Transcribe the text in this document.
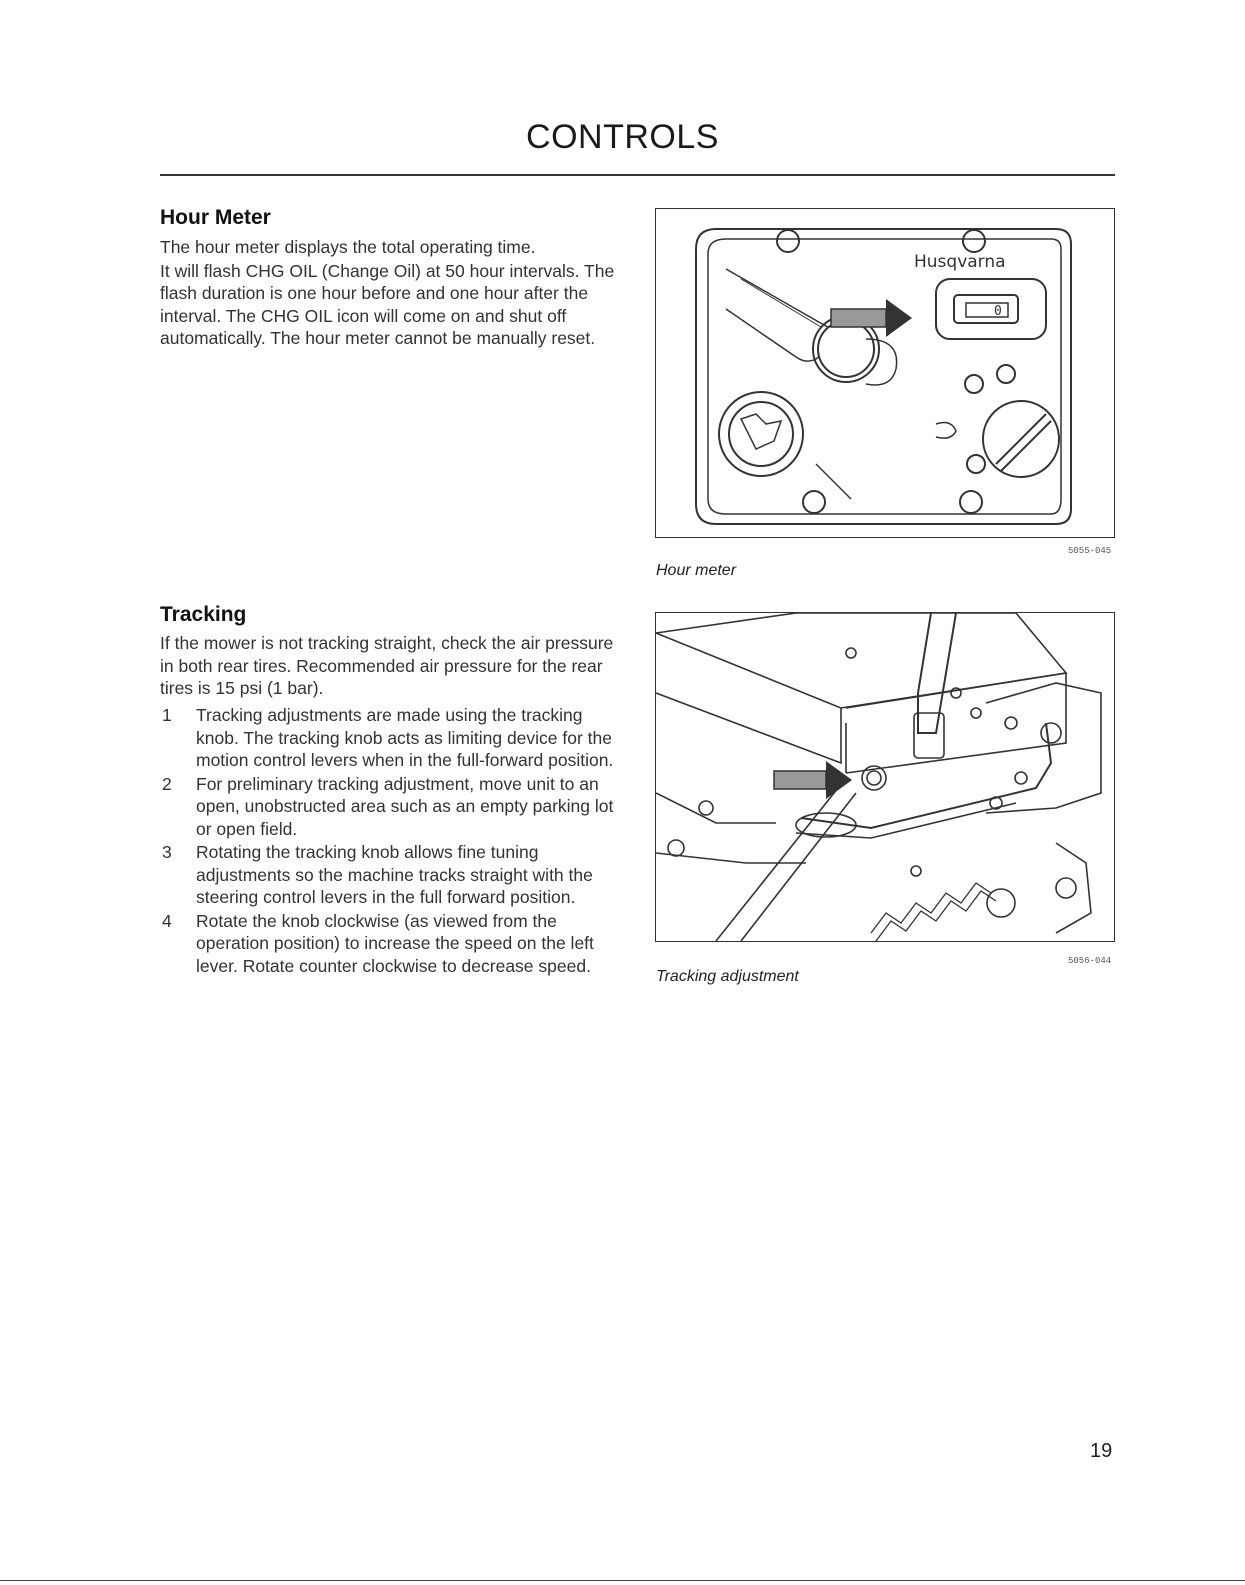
CONTROLS
Hour Meter

The hour meter displays the total operating time.

It will flash CHG OIL (Change Oil) at 50 hour intervals. The flash duration is one hour before and one hour after the interval. The CHG OIL icon will come on and shut off automatically. The hour meter cannot be manually reset.

Husqvarna
0
5055-045
Hour meter
Tracking
If the mower is not tracking straight, check the air pressure in both rear tires. Recommended air pressure for the rear tires is 15 psi (1 bar).
1 Tracking adjustments are made using the tracking knob. The tracking knob acts as limiting device for the motion control levers when in the full-forward position.
2 For preliminary tracking adjustment, move unit to an open, unobstructed area such as an empty parking lot or open field.
3 Rotating the tracking knob allows fine tuning adjustments so the machine tracks straight with the steering control levers in the full forward position.
4 Rotate the knob clockwise (as viewed from the operation position) to increase the speed on the left lever. Rotate counter clockwise to decrease speed.	5056-044
Tracking adjustment
19
